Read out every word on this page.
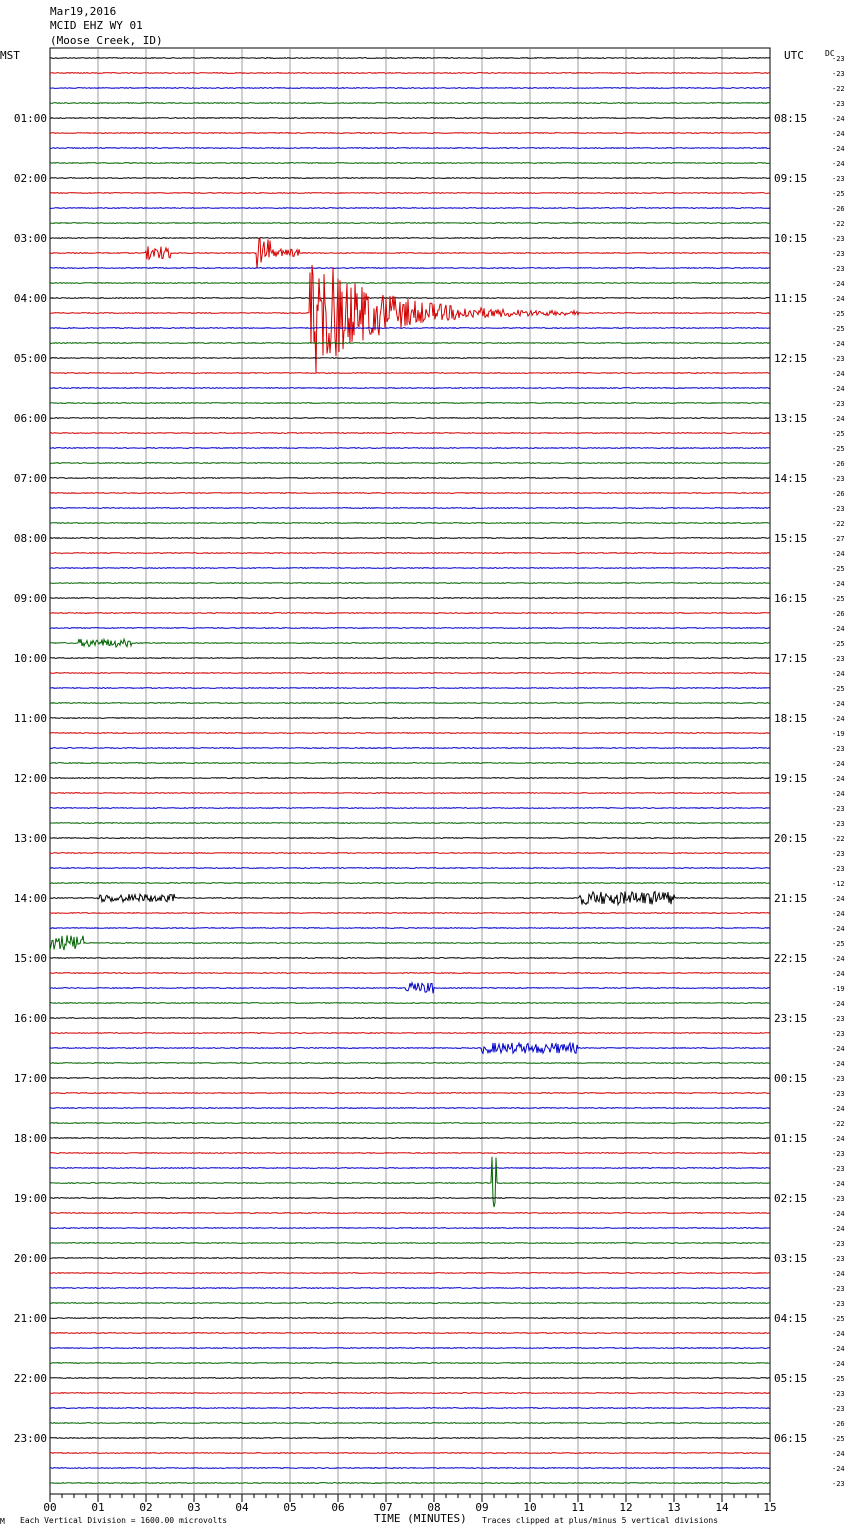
-23
-23
-22
-23
-24
-24
-24
-24
-23
-25
-26
-22
-23
-23
-23
-24
-24
-25
-25
-24
-23
-24
-24
-23
-24
-25
-25
-26
-23
-26
-23
-22
-27
-24
-25
-24
-25
-26
-24
-25
-23
-24
-25
-24
-24
-19
-23
-24
-24
-24
-23
-23
-22
-23
-23
-12
-24
-24
-24
-25
-24
-24
-19
-24
-23
-23
-24
-24
-23
-23
-24
-22
-24
-23
-23
-24
-23
-24
-24
-23
-23
-24
-23
-23
-25
-24
-24
-24
-25
-23
-23
-26
-25
-24
-24
-23
01:00
02:00
03:00
04:00
05:00
06:00
07:00
08:00
09:00
10:00
11:00
12:00
13:00
14:00
15:00
16:00
17:00
18:00
19:00
20:00
21:00
22:00
23:00
08:15
09:15
10:15
11:15
12:15
13:15
14:15
15:15
16:15
17:15
18:15
19:15
20:15
21:15
22:15
23:15
00:15
01:15
02:15
03:15
04:15
05:15
06:15
00	01	02	03	04	05	06	07	08	09	10	11	12	13	14	15
Mar19,2016
MCID EHZ WY 01
(Moose Creek, ID)
MST	UTC	DC
M Each Vertical Division = 1600.00 microvolts	TIME (MINUTES) Traces clipped at plus/minus 5 vertical divisions
